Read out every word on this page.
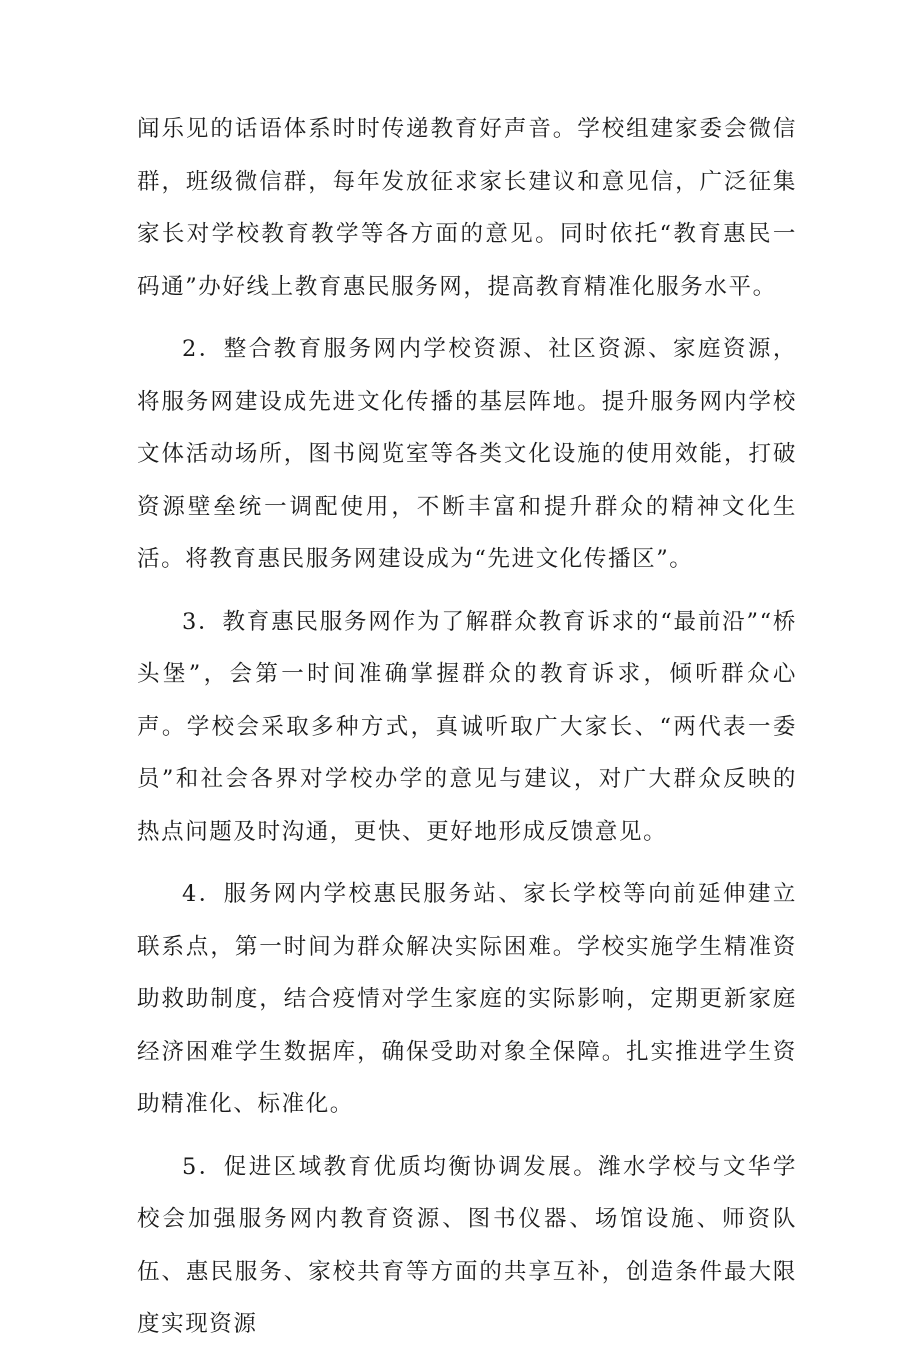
闻乐见的话语体系时时传递教育好声音。学校组建家委会微信群，班级微信群，每年发放征求家长建议和意见信，广泛征集家长对学校教育教学等各方面的意见。同时依托“教育惠民一码通”办好线上教育惠民服务网，提高教育精准化服务水平。

2．整合教育服务网内学校资源、社区资源、家庭资源，将服务网建设成先进文化传播的基层阵地。提升服务网内学校文体活动场所，图书阅览室等各类文化设施的使用效能，打破资源壁垒统一调配使用，不断丰富和提升群众的精神文化生活。将教育惠民服务网建设成为“先进文化传播区”。

3．教育惠民服务网作为了解群众教育诉求的“最前沿”“桥头堡”，会第一时间准确掌握群众的教育诉求，倾听群众心声。学校会采取多种方式，真诚听取广大家长、“两代表一委员”和社会各界对学校办学的意见与建议，对广大群众反映的热点问题及时沟通，更快、更好地形成反馈意见。

4．服务网内学校惠民服务站、家长学校等向前延伸建立联系点，第一时间为群众解决实际困难。学校实施学生精准资助救助制度，结合疫情对学生家庭的实际影响，定期更新家庭经济困难学生数据库，确保受助对象全保障。扎实推进学生资助精准化、标准化。

5．促进区域教育优质均衡协调发展。潍水学校与文华学校会加强服务网内教育资源、图书仪器、场馆设施、师资队伍、惠民服务、家校共育等方面的共享互补，创造条件最大限度实现资源
